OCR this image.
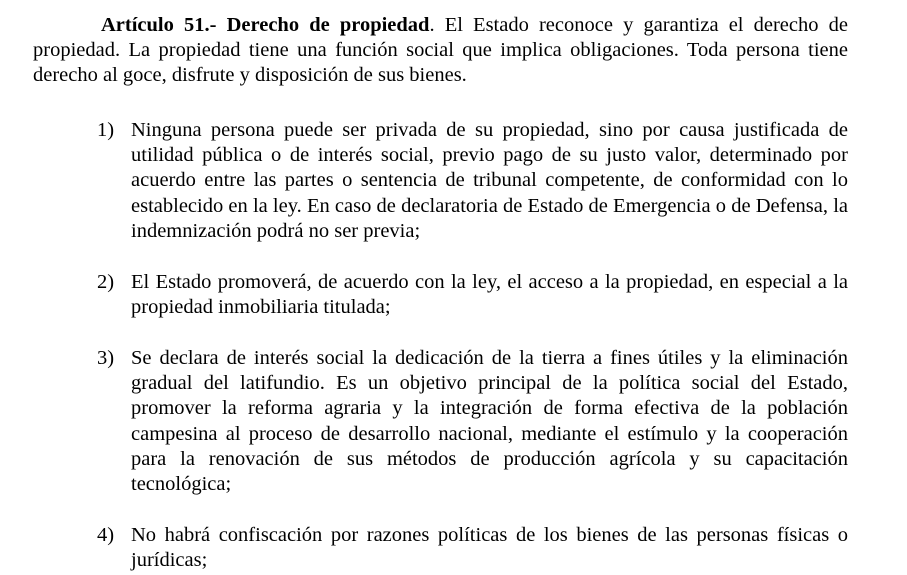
Artículo 51.- Derecho de propiedad. El Estado reconoce y garantiza el derecho de propiedad. La propiedad tiene una función social que implica obligaciones. Toda persona tiene derecho al goce, disfrute y disposición de sus bienes.

1) Ninguna persona puede ser privada de su propiedad, sino por causa justificada de utilidad pública o de interés social, previo pago de su justo valor, determinado por acuerdo entre las partes o sentencia de tribunal competente, de conformidad con lo establecido en la ley. En caso de declaratoria de Estado de Emergencia o de Defensa, la indemnización podrá no ser previa;
2) El Estado promoverá, de acuerdo con la ley, el acceso a la propiedad, en especial a la propiedad inmobiliaria titulada;
3) Se declara de interés social la dedicación de la tierra a fines útiles y la eliminación gradual del latifundio. Es un objetivo principal de la política social del Estado, promover la reforma agraria y la integración de forma efectiva de la población campesina al proceso de desarrollo nacional, mediante el estímulo y la cooperación para la renovación de sus métodos de producción agrícola y su capacitación tecnológica;
4) No habrá confiscación por razones políticas de los bienes de las personas físicas o jurídicas;
